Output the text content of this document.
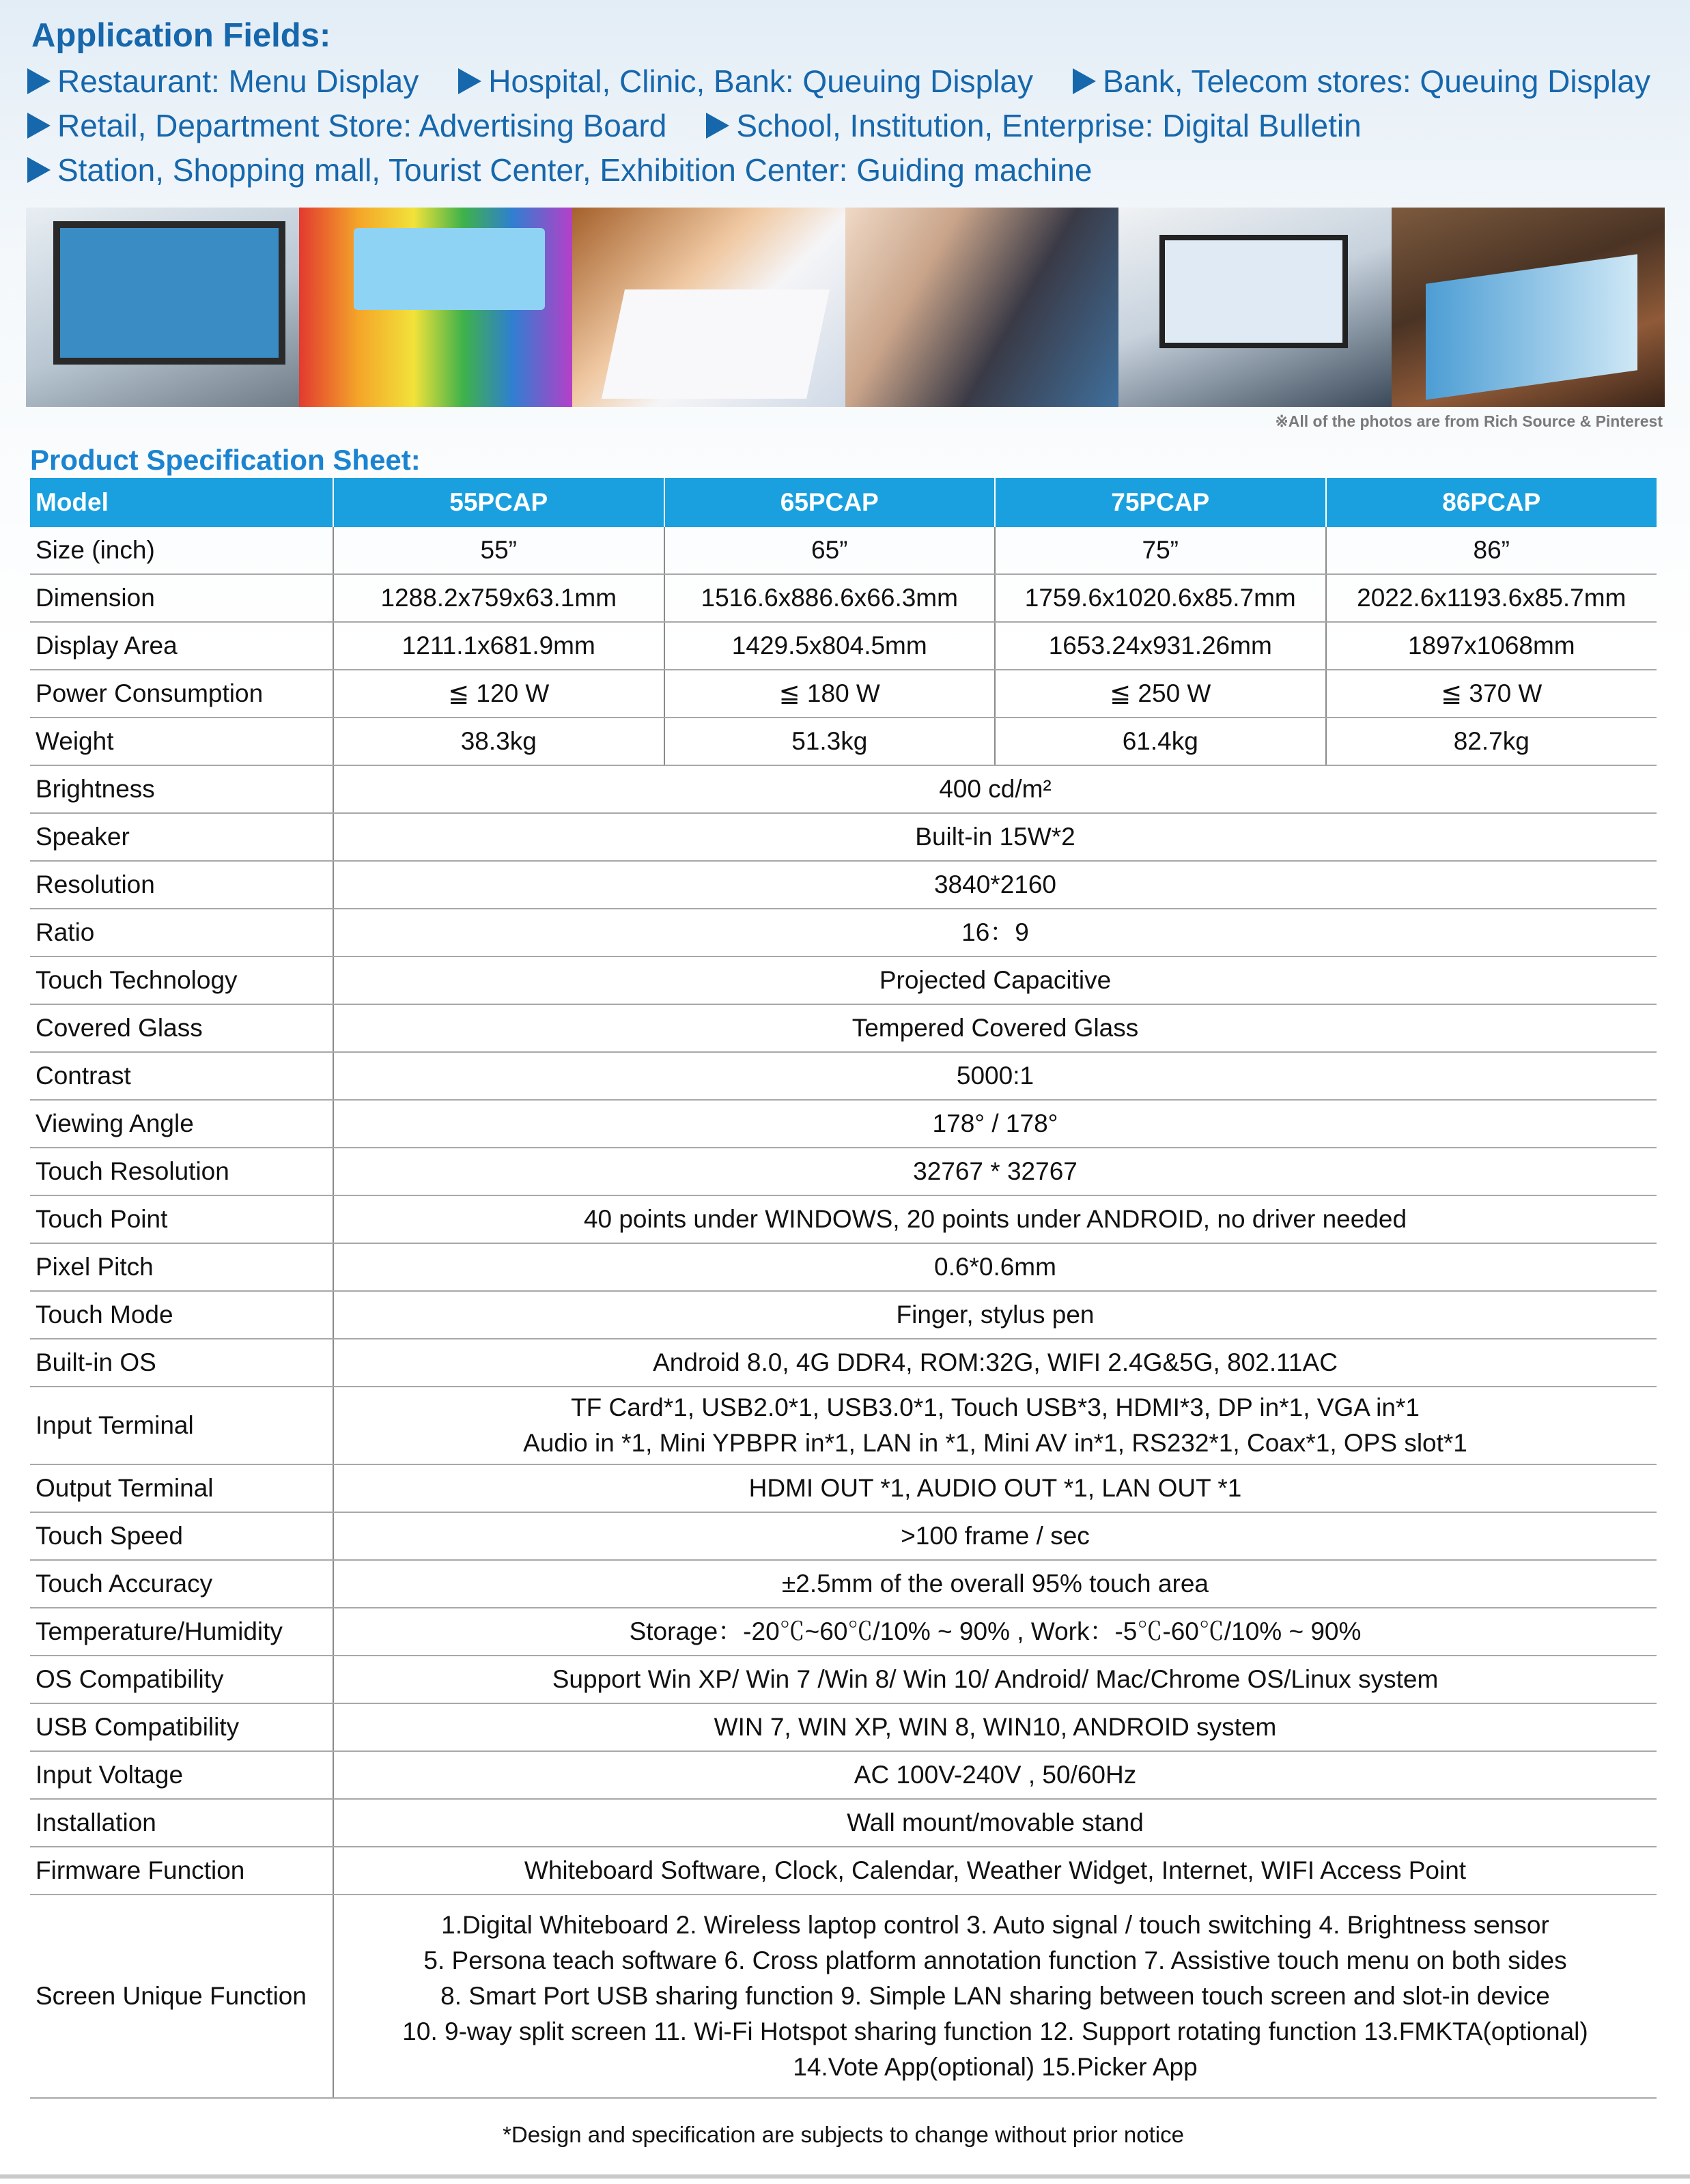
Application Fields:
Restaurant: Menu Display Hospital, Clinic, Bank: Queuing Display Bank, Telecom stores: Queuing Display
Retail, Department Store: Advertising Board School, Institution, Enterprise: Digital Bulletin
Station, Shopping mall, Tourist Center, Exhibition Center: Guiding machine
※All of the photos are from Rich Source & Pinterest
Product Specification Sheet:
Model	55PCAP	65PCAP	75PCAP	86PCAP
Size (inch)	55”	65”	75”	86”
Dimension	1288.2x759x63.1mm	1516.6x886.6x66.3mm	1759.6x1020.6x85.7mm	2022.6x1193.6x85.7mm
Display Area	1211.1x681.9mm	1429.5x804.5mm	1653.24x931.26mm	1897x1068mm
Power Consumption	≦ 120 W	≦ 180 W	≦ 250 W	≦ 370 W
Weight	38.3kg	51.3kg	61.4kg	82.7kg
Brightness	400 cd/m²			

Speaker	Built-in 15W*2			

Resolution	3840*2160			

Ratio	16：9			

Touch Technology	Projected Capacitive			

Covered Glass	Tempered Covered Glass			

Contrast	5000:1			

Viewing Angle	178° / 178°			

Touch Resolution	32767 * 32767			

Touch Point	40 points under WINDOWS, 20 points under ANDROID, no driver needed			

Pixel Pitch	0.6*0.6mm			

Touch Mode	Finger, stylus pen			

Built-in OS	Android 8.0, 4G DDR4, ROM:32G, WIFI 2.4G&5G, 802.11AC			

Input Terminal	TF Card*1, USB2.0*1, USB3.0*1, Touch USB*3, HDMI*3, DP in*1, VGA in*1
Audio in *1, Mini YPBPR in*1, LAN in *1, Mini AV in*1, RS232*1, Coax*1, OPS slot*1			

Output Terminal	HDMI OUT *1, AUDIO OUT *1, LAN OUT *1			

Touch Speed	>100 frame / sec			

Touch Accuracy	±2.5mm of the overall 95% touch area			

Temperature/Humidity	Storage：-20℃~60℃/10% ~ 90% , Work：-5℃-60℃/10% ~ 90%			

OS Compatibility	Support Win XP/ Win 7 /Win 8/ Win 10/ Android/ Mac/Chrome OS/Linux system			

USB Compatibility	WIN 7, WIN XP, WIN 8, WIN10, ANDROID system			

Input Voltage	AC 100V-240V , 50/60Hz			

Installation	Wall mount/movable stand			

Firmware Function	Whiteboard Software, Clock, Calendar, Weather Widget, Internet, WIFI Access Point			

Screen Unique Function	1.Digital Whiteboard 2. Wireless laptop control 3. Auto signal / touch switching 4. Brightness sensor
5. Persona teach software 6. Cross platform annotation function 7. Assistive touch menu on both sides
8. Smart Port USB sharing function 9. Simple LAN sharing between touch screen and slot-in device
10. 9-way split screen 11. Wi-Fi Hotspot sharing function 12. Support rotating function 13.FMKTA(optional)
14.Vote App(optional) 15.Picker App			
*Design and specification are subjects to change without prior notice
